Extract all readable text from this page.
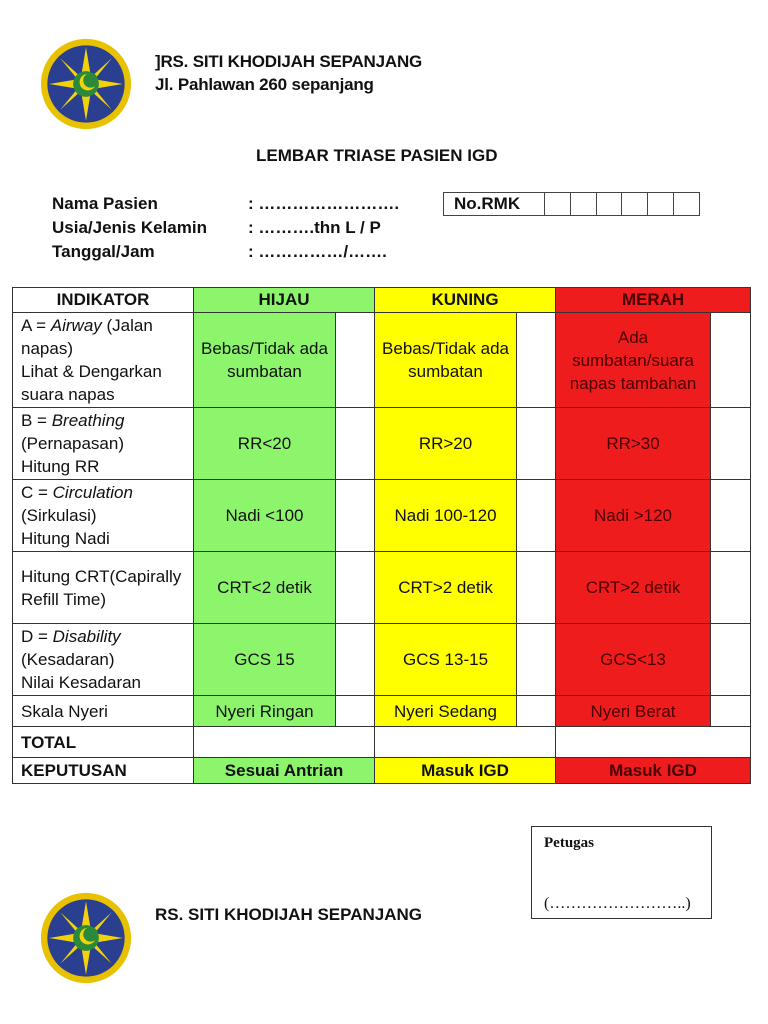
]RS. SITI KHODIJAH SEPANJANG
Jl. Pahlawan 260 sepanjang
LEMBAR TRIASE PASIEN IGD
Nama Pasien	: …………………….
Usia/Jenis Kelamin : ……….thn L / P
Tanggal/Jam	: ……………/…….
No.RMK
INDIKATOR	HIJAU		KUNING		MERAH	
A = Airway (Jalan napas)
Lihat & Dengarkan suara napas	Bebas/Tidak ada sumbatan		Bebas/Tidak ada sumbatan		Ada sumbatan/suara napas tambahan	
B = Breathing
(Pernapasan)
Hitung RR	RR<20		RR>20		RR>30	
C = Circulation
(Sirkulasi)
Hitung Nadi	Nadi <100		Nadi 100-120		Nadi >120	
Hitung CRT(Capirally Refill Time)	CRT<2 detik		CRT>2 detik		CRT>2 detik	
D = Disability
(Kesadaran)
Nilai Kesadaran	GCS 15		GCS 13-15		GCS<13	
Skala Nyeri	Nyeri Ringan		Nyeri Sedang		Nyeri Berat	
TOTAL						
KEPUTUSAN	Sesuai Antrian		Masuk IGD		Masuk IGD	
Petugas
(……………………..)
RS. SITI KHODIJAH SEPANJANG
